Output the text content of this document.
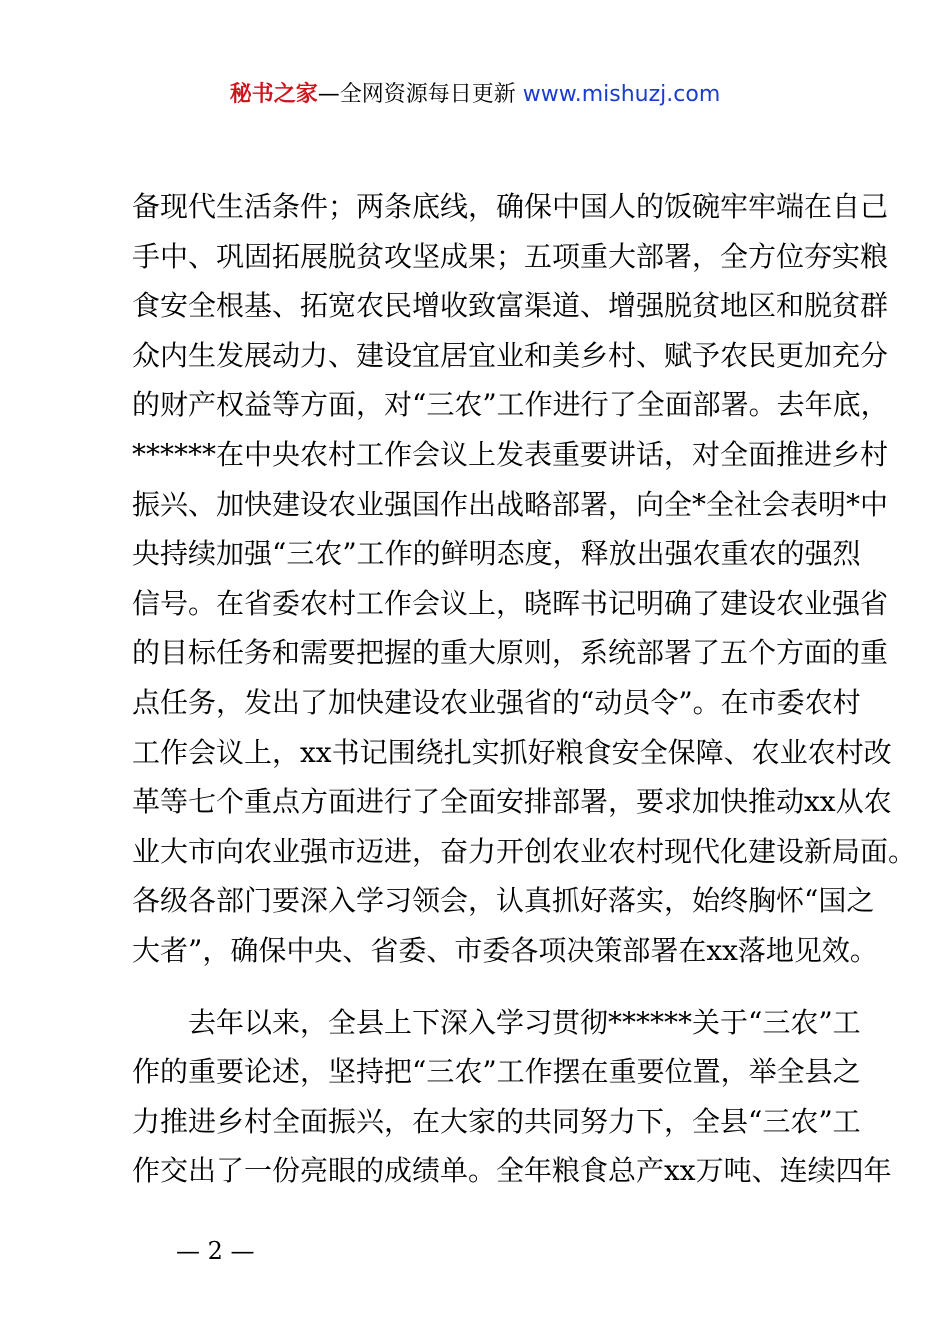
秘书之家—全网资源每日更新 www.mishuzj.com
备现代生活条件；两条底线，确保中国人的饭碗牢牢端在自己
手中、巩固拓展脱贫攻坚成果；五项重大部署，全方位夯实粮
食安全根基、拓宽农民增收致富渠道、增强脱贫地区和脱贫群
众内生发展动力、建设宜居宜业和美乡村、赋予农民更加充分
的财产权益等方面，对“三农”工作进行了全面部署。去年底，
******在中央农村工作会议上发表重要讲话，对全面推进乡村
振兴、加快建设农业强国作出战略部署，向全*全社会表明*中
央持续加强“三农”工作的鲜明态度，释放出强农重农的强烈
信号。在省委农村工作会议上，晓晖书记明确了建设农业强省
的目标任务和需要把握的重大原则，系统部署了五个方面的重
点任务，发出了加快建设农业强省的“动员令”。在市委农村
工作会议上，xx书记围绕扎实抓好粮食安全保障、农业农村改
革等七个重点方面进行了全面安排部署，要求加快推动xx从农
业大市向农业强市迈进，奋力开创农业农村现代化建设新局面。
各级各部门要深入学习领会，认真抓好落实，始终胸怀“国之
大者”，确保中央、省委、市委各项决策部署在xx落地见效。
去年以来，全县上下深入学习贯彻******关于“三农”工
作的重要论述，坚持把“三农”工作摆在重要位置，举全县之
力推进乡村全面振兴，在大家的共同努力下，全县“三农”工
作交出了一份亮眼的成绩单。全年粮食总产xx万吨、连续四年
— 2 —
